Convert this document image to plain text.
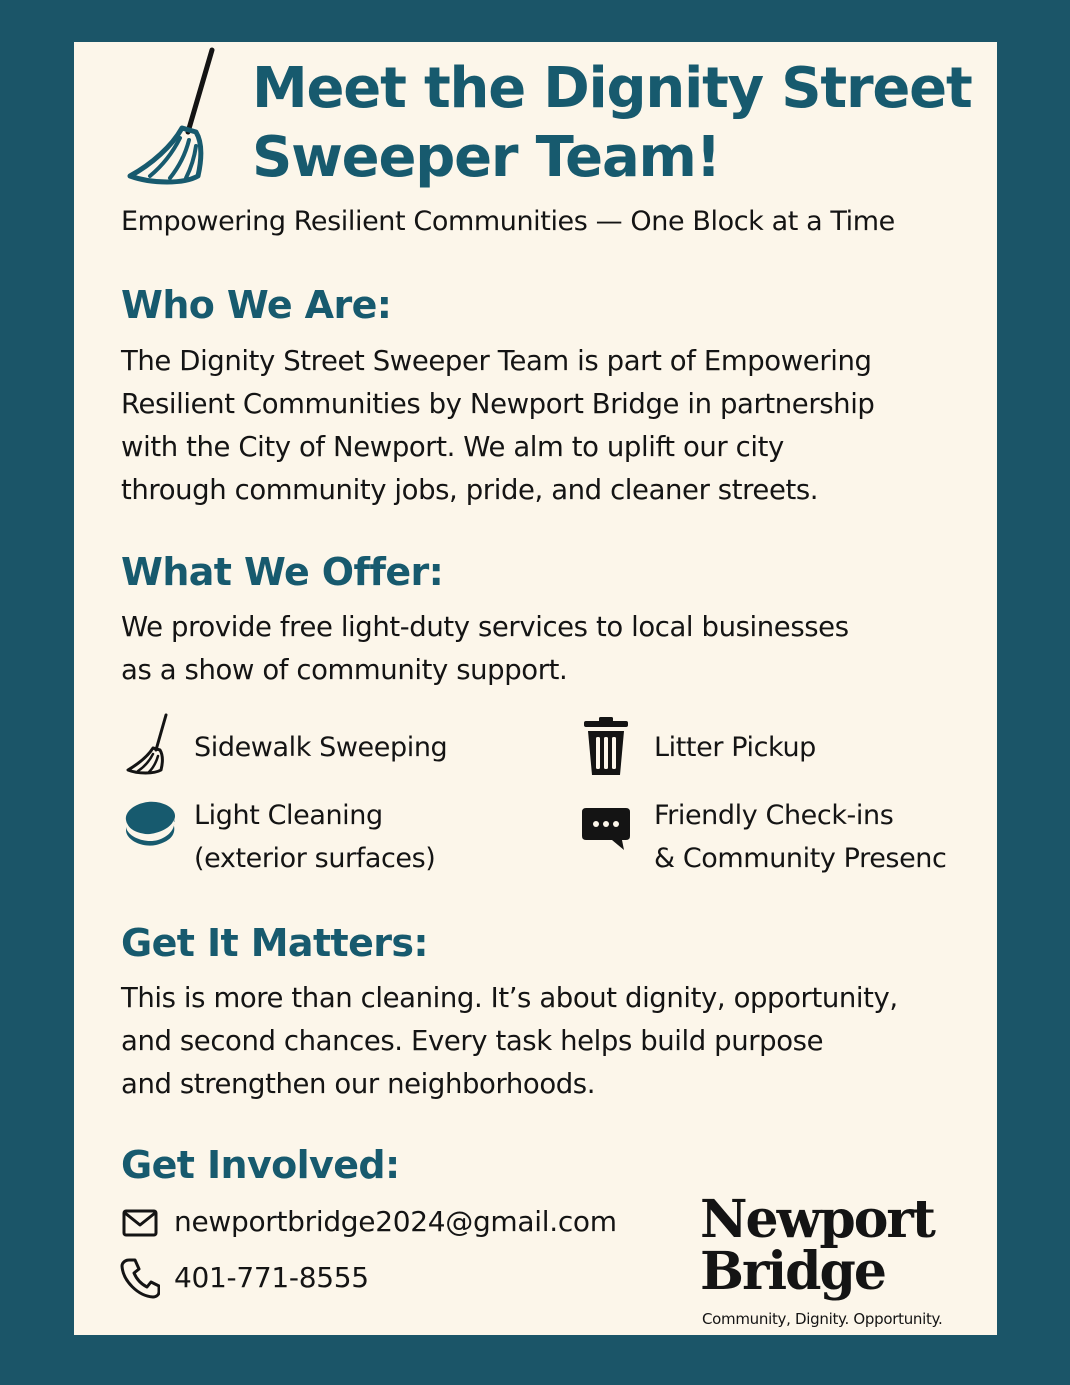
Meet the Dignity Street
Sweeper Team!
Empowering Resilient Communities — One Block at a Time
Who We Are:
The Dignity Street Sweeper Team is part of Empowering
Resilient Communities by Newport Bridge in partnership
with the City of Newport. We alm to uplift our city
through community jobs, pride, and cleaner streets.
What We Offer:
We provide free light-duty services to local businesses
as a show of community support.
Sidewalk Sweeping	Litter Pickup
Light Cleaning
(exterior surfaces)
Friendly Check-ins
& Community Presenc
Get It Matters:
This is more than cleaning. It’s about dignity, opportunity,
and second chances. Every task helps build purpose
and strengthen our neighborhoods.
Get Involved:
newportbridge2024@gmail.com
401-771-8555
Newport
Bridge
Community, Dignity. Opportunity.
